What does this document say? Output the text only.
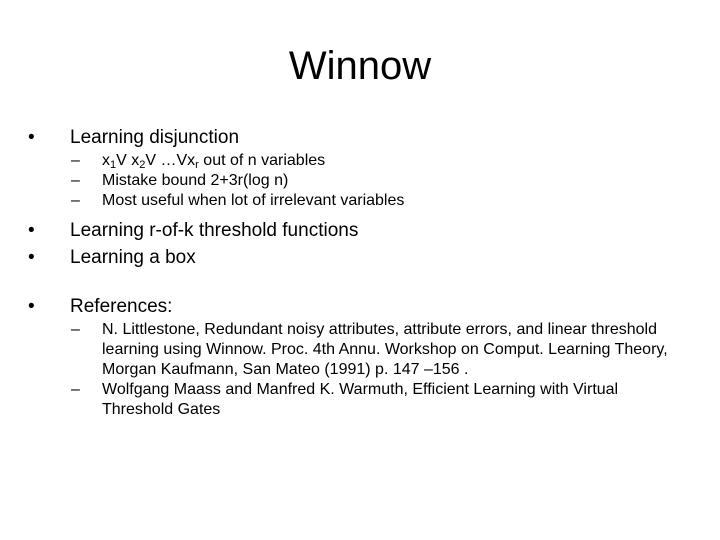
Winnow
•	Learning disjunction
– $x_1V$ $x_2V$ $\dots Vx_r$ out of n variables
– Mistake bound 2+3r(log n)
– Most useful when lot of irrelevant variables
•	Learning r-of-k threshold functions
•	Learning a box
•	References:
– N. Littlestone, Redundant noisy attributes, attribute errors, and linear threshold learning using Winnow. Proc. 4th Annu. Workshop on Comput. Learning Theory, Morgan Kaufmann, San Mateo (1991) p. 147 –156 .
– Wolfgang Maass and Manfred K. Warmuth, Efficient Learning with Virtual Threshold Gates
